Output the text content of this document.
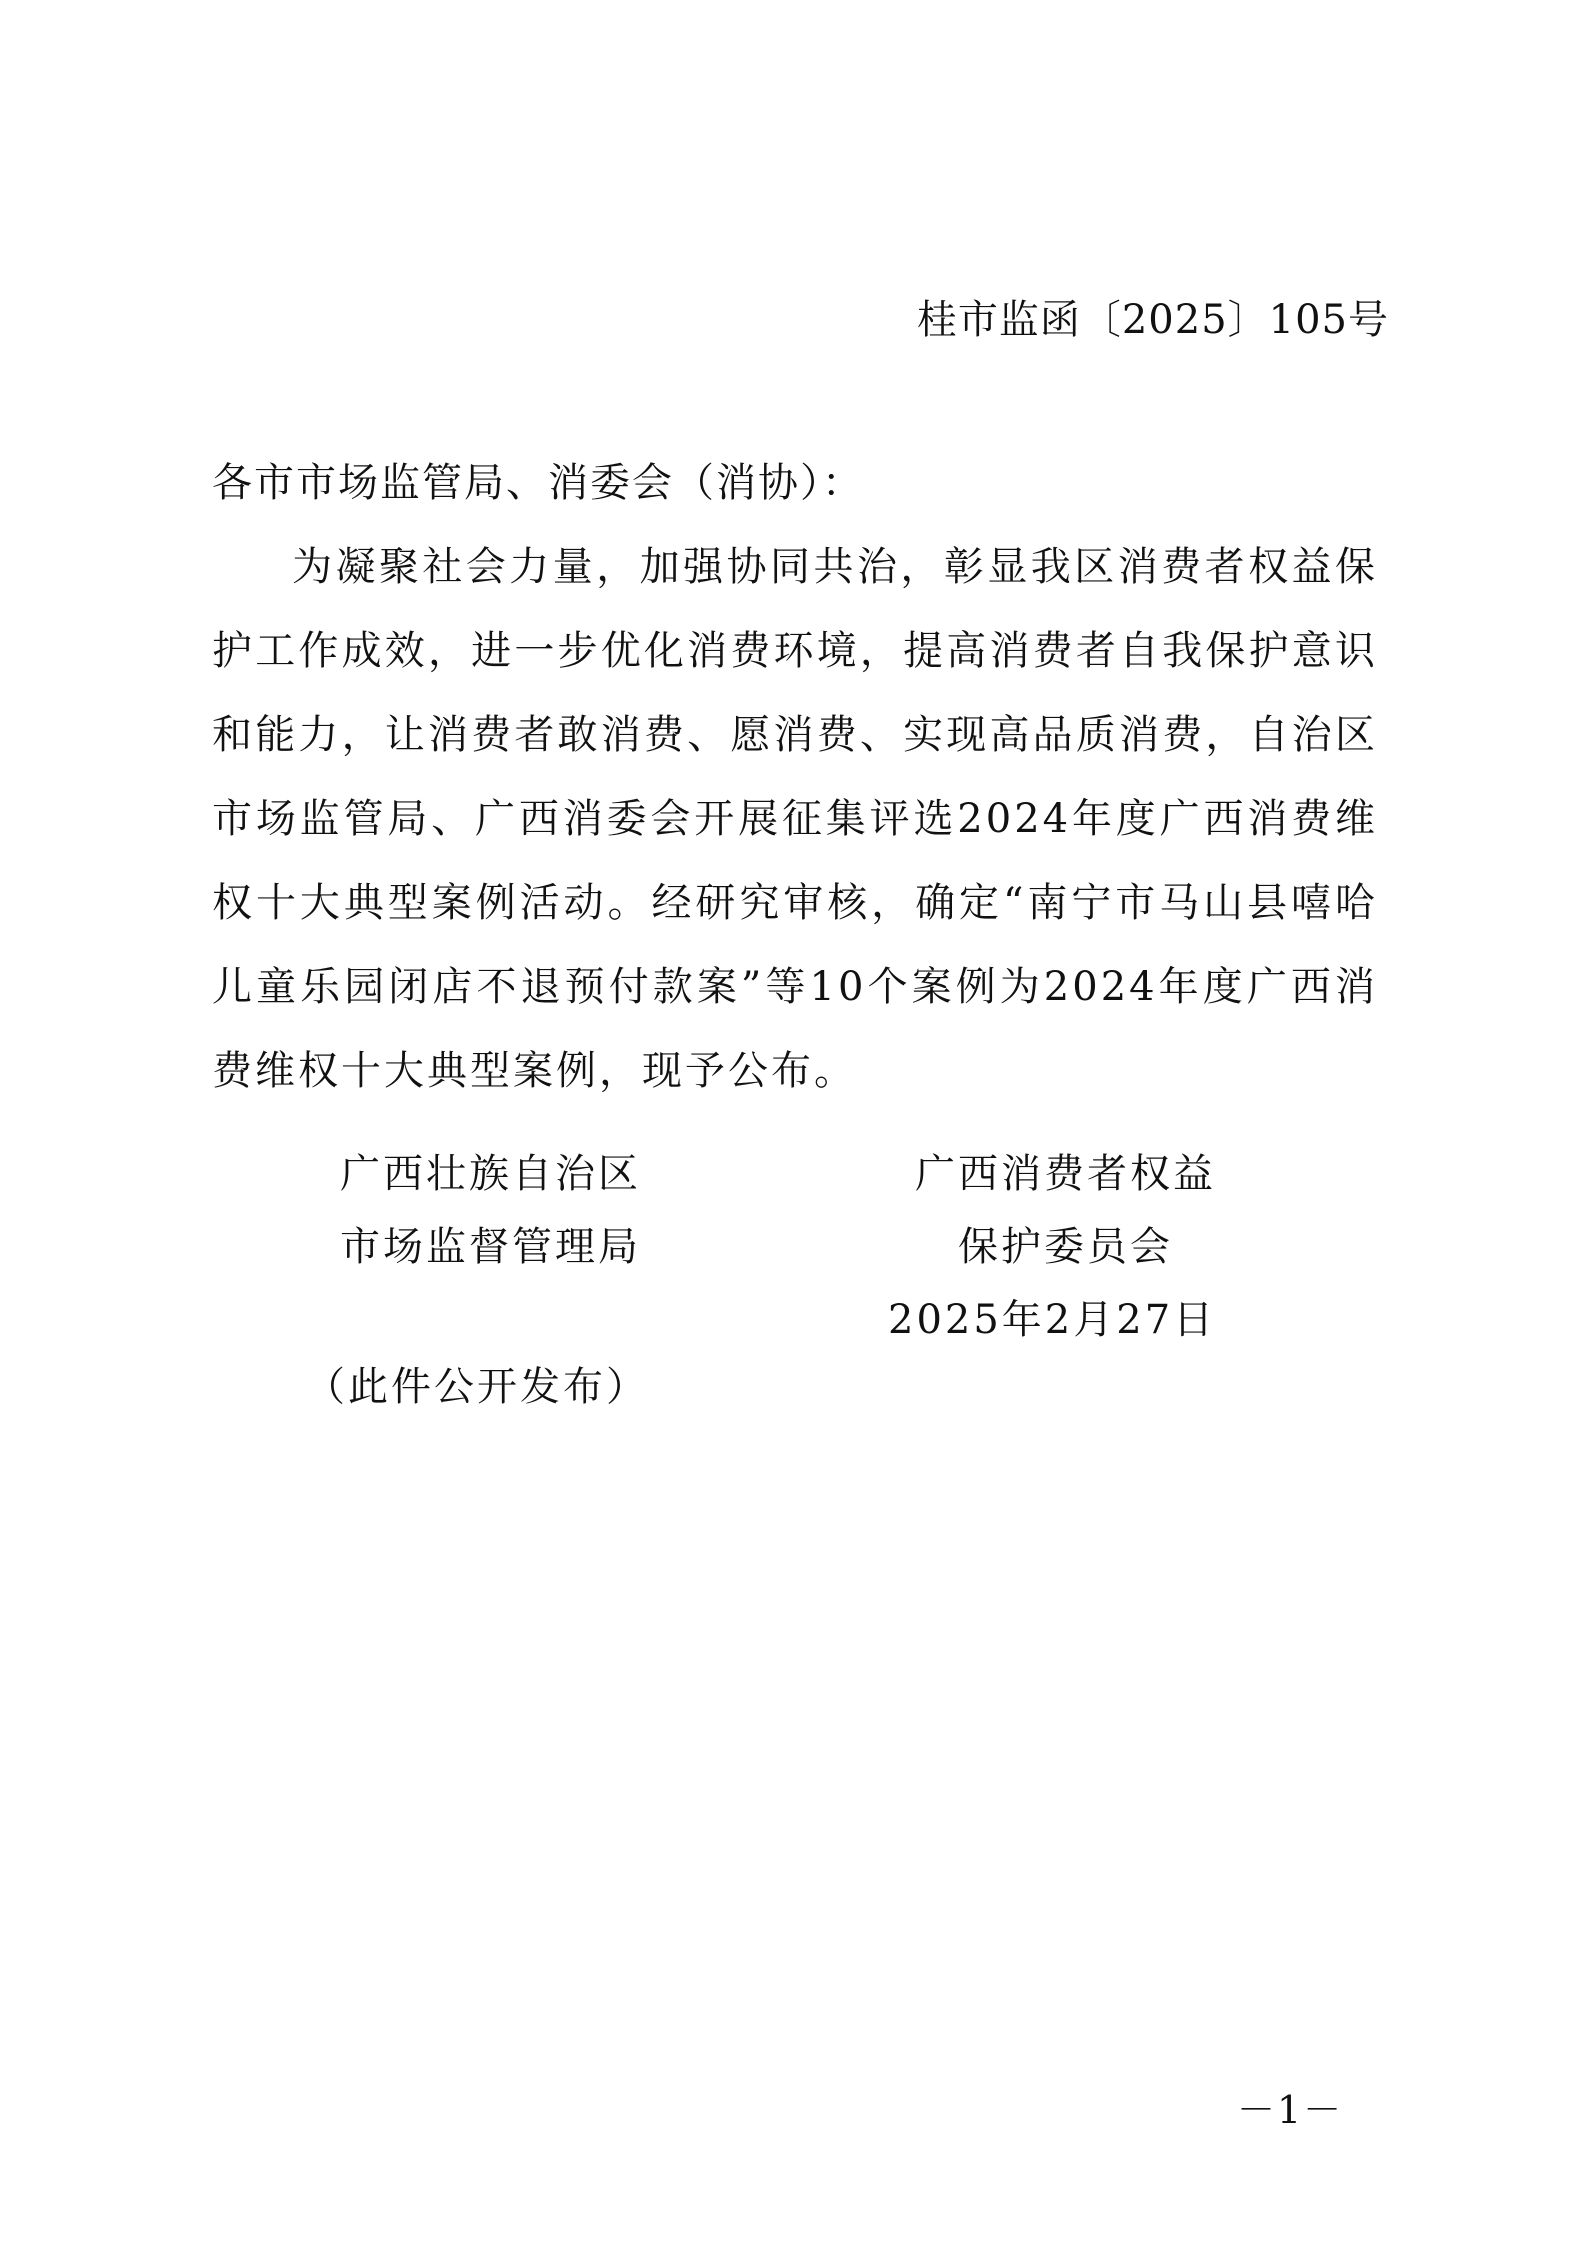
桂市监函〔2025〕105号
各市市场监管局、消委会（消协）：

为凝聚社会力量，加强协同共治，彰显我区消费者权益保护工作成效，进一步优化消费环境，提高消费者自我保护意识和能力，让消费者敢消费、愿消费、实现高品质消费，自治区市场监管局、广西消委会开展征集评选2024年度广西消费维权十大典型案例活动。经研究审核，确定“南宁市马山县嘻哈儿童乐园闭店不退预付款案”等10个案例为2024年度广西消费维权十大典型案例，现予公布。

广西壮族自治区
市场监督管理局
广西消费者权益
保护委员会
2025年2月27日
（此件公开发布）
－1－
